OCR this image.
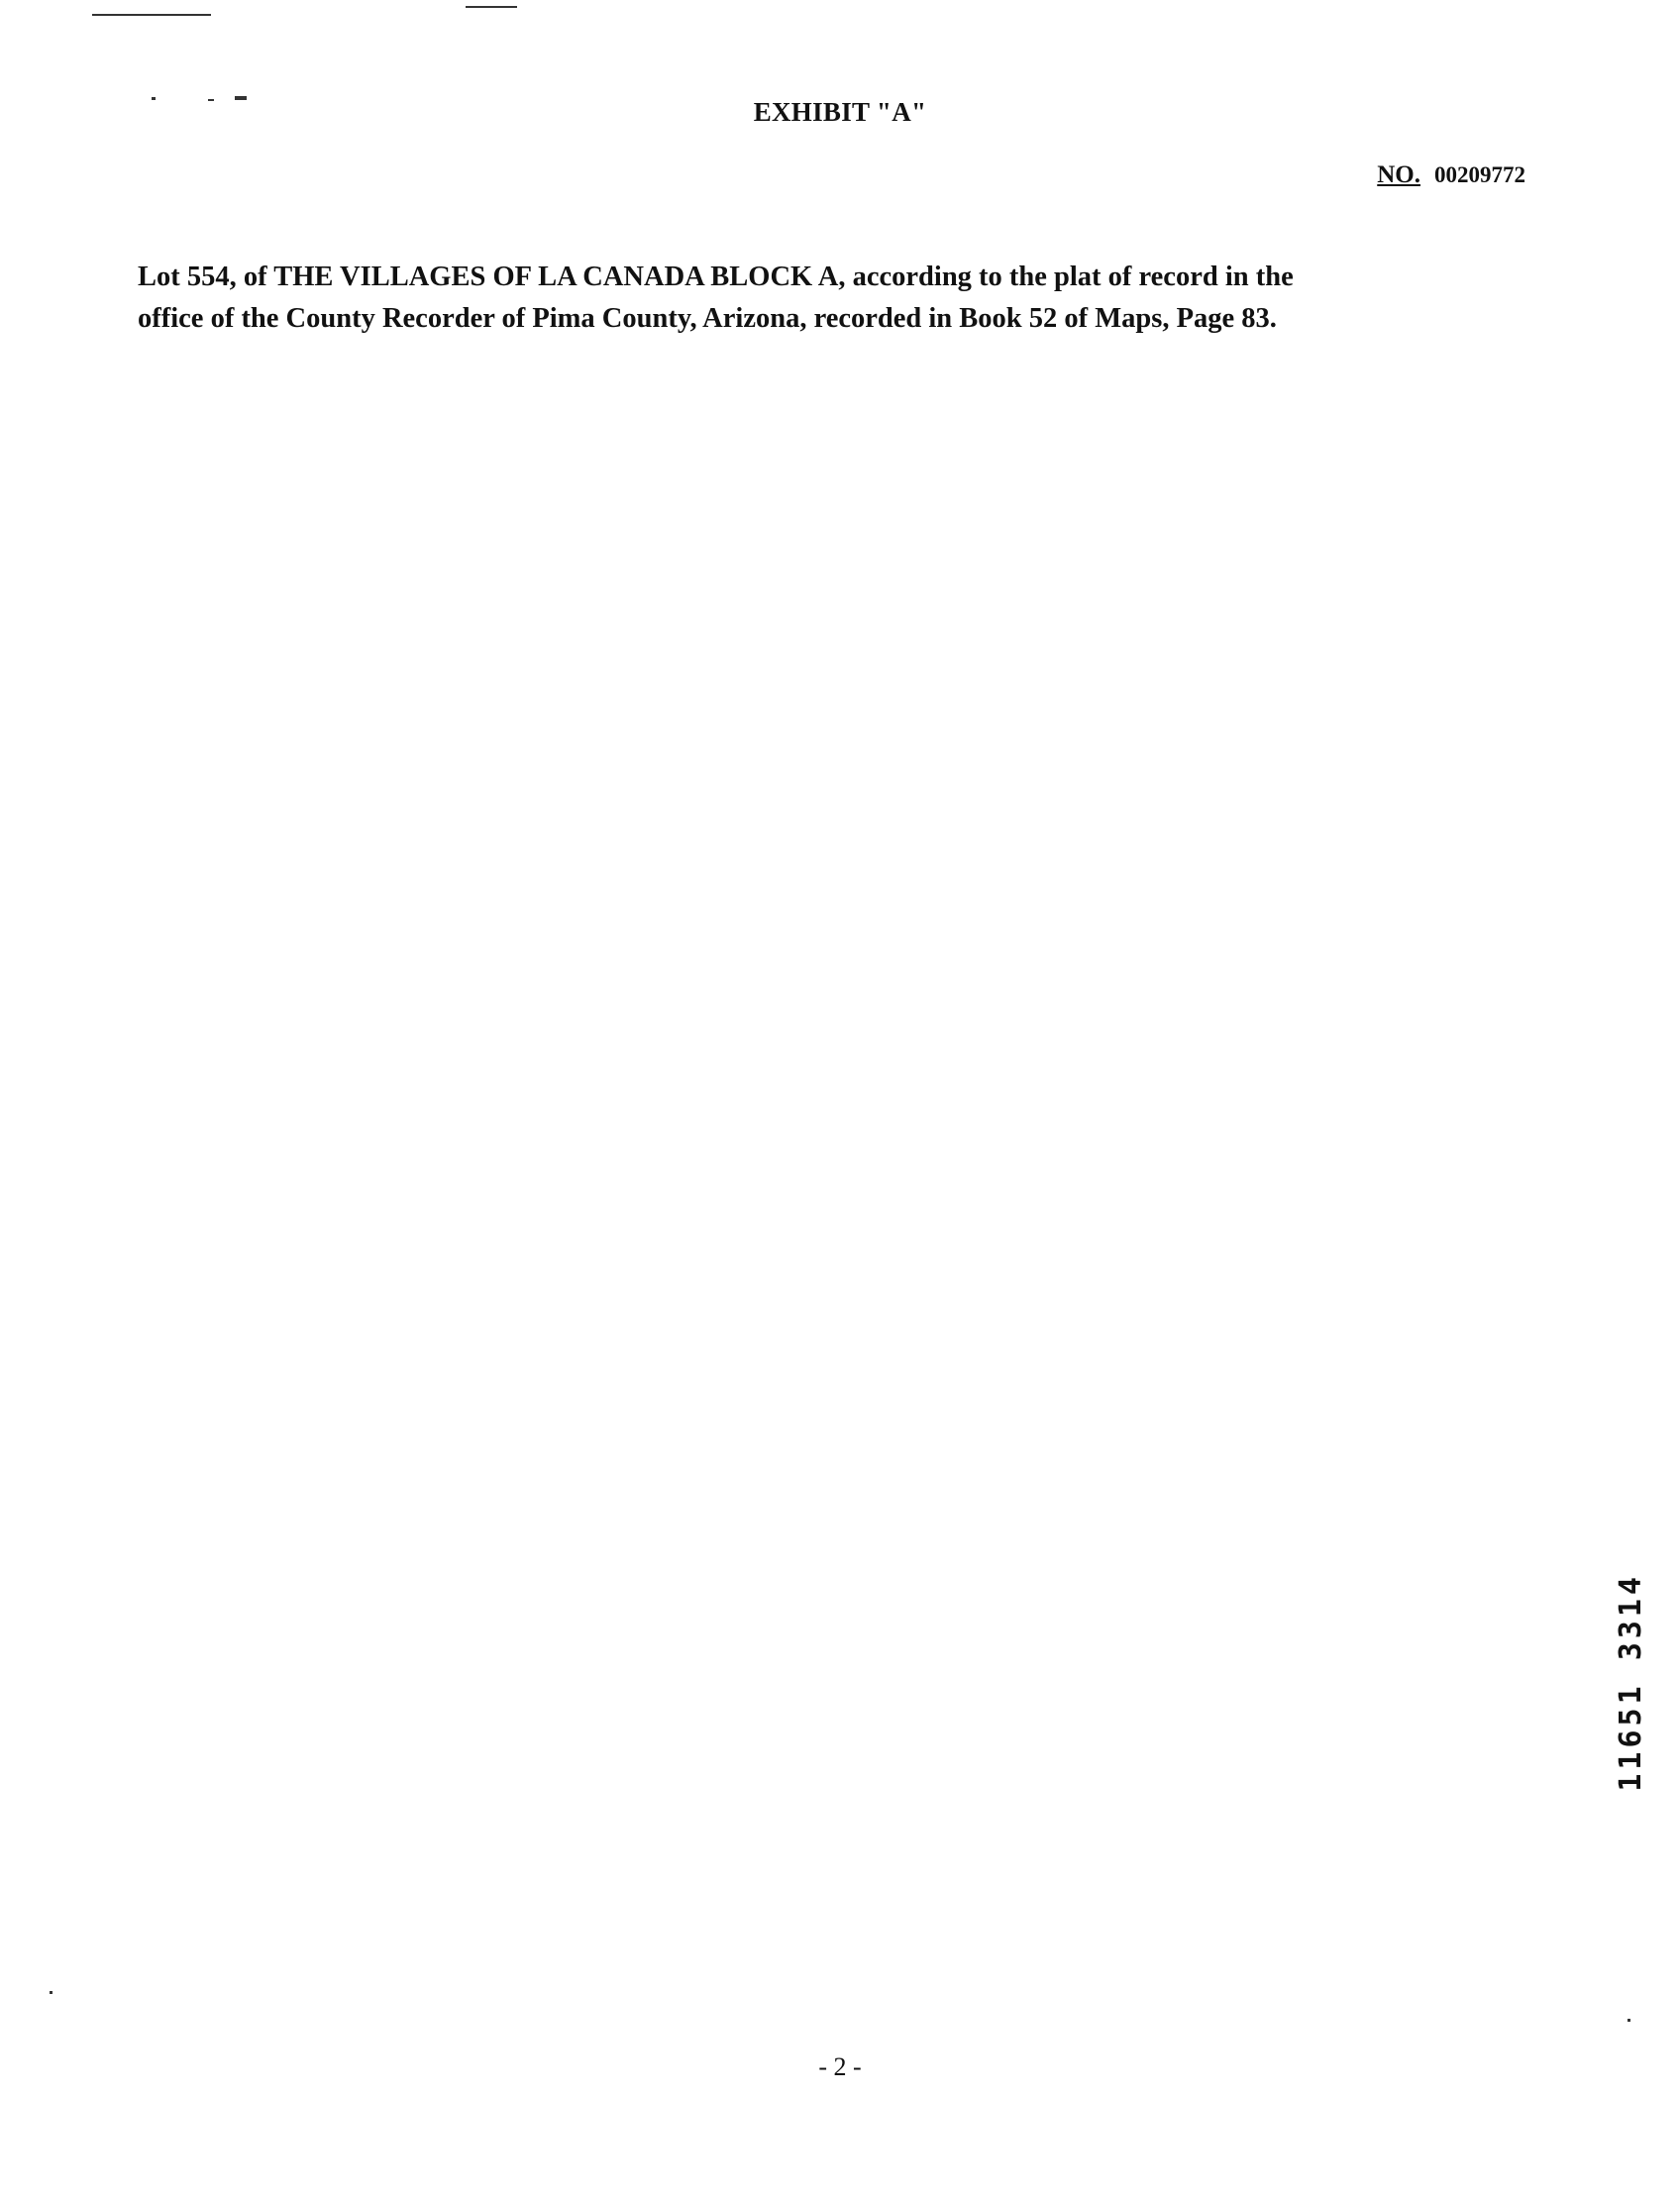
EXHIBIT "A"
NO. 00209772
Lot 554, of THE VILLAGES OF LA CANADA BLOCK A, according to the plat of record in the
office of the County Recorder of Pima County, Arizona, recorded in Book 52 of Maps, Page 83.
11651 3314
- 2 -
